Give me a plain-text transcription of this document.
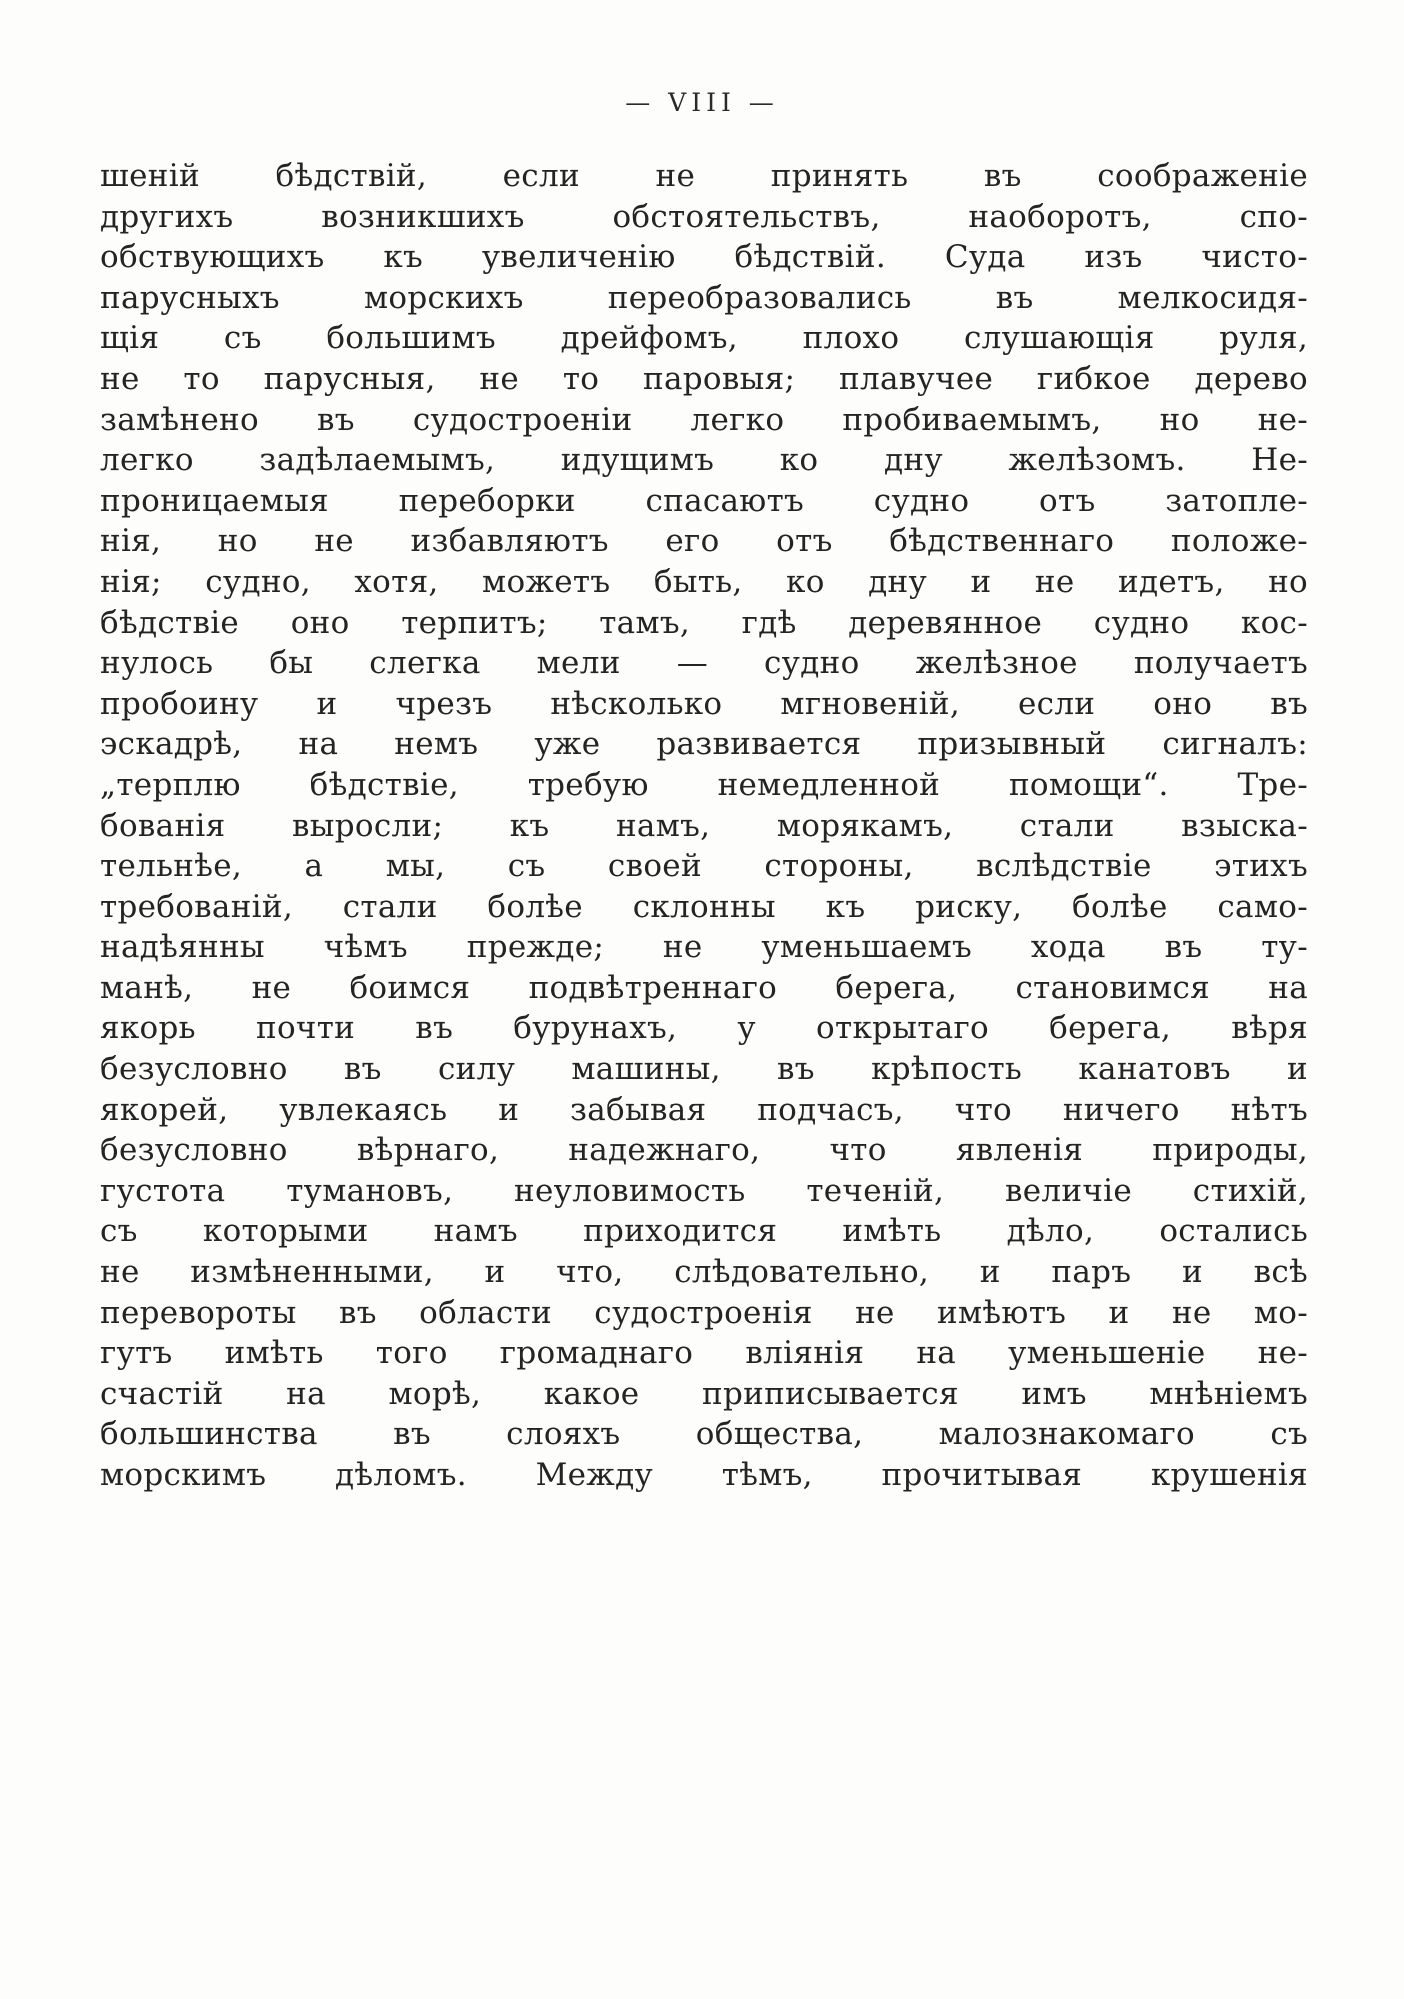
— VIII —
шеній бѣдствій, если не принять въ соображеніе
другихъ возникшихъ обстоятельствъ, наоборотъ, спо-
обствующихъ къ увеличенію бѣдствій. Суда изъ чисто-
парусныхъ морскихъ переобразовались въ мелкосидя-
щія съ большимъ дрейфомъ, плохо слушающія руля,
не то парусныя, не то паровыя; плавучее гибкое дерево
замѣнено въ судостроеніи легко пробиваемымъ, но не-
легко задѣлаемымъ, идущимъ ко дну желѣзомъ. Не-
проницаемыя переборки спасаютъ судно отъ затопле-
нія, но не избавляютъ его отъ бѣдственнаго положе-
нія; судно, хотя, можетъ быть, ко дну и не идетъ, но
бѣдствіе оно терпитъ; тамъ, гдѣ деревянное судно кос-
нулось бы слегка мели — судно желѣзное получаетъ
пробоину и чрезъ нѣсколько мгновеній, если оно въ
эскадрѣ, на немъ уже развивается призывный сигналъ:
„терплю бѣдствіе, требую немедленной помощи“. Тре-
бованія выросли; къ намъ, морякамъ, стали взыска-
тельнѣе, а мы, съ своей стороны, вслѣдствіе этихъ
требованій, стали болѣе склонны къ риску, болѣе само-
надѣянны чѣмъ прежде; не уменьшаемъ хода въ ту-
манѣ, не боимся подвѣтреннаго берега, становимся на
якорь почти въ бурунахъ, у открытаго берега, вѣря
безусловно въ силу машины, въ крѣпость канатовъ и
якорей, увлекаясь и забывая подчасъ, что ничего нѣтъ
безусловно вѣрнаго, надежнаго, что явленія природы,
густота тумановъ, неуловимость теченій, величіе стихій,
съ которыми намъ приходится имѣть дѣло, остались
не измѣненными, и что, слѣдовательно, и паръ и всѣ
перевороты въ области судостроенія не имѣютъ и не мо-
гутъ имѣть того громаднаго вліянія на уменьшеніе не-
счастій на морѣ, какое приписывается имъ мнѣніемъ
большинства въ слояхъ общества, малознакомаго съ
морскимъ дѣломъ. Между тѣмъ, прочитывая крушенія
